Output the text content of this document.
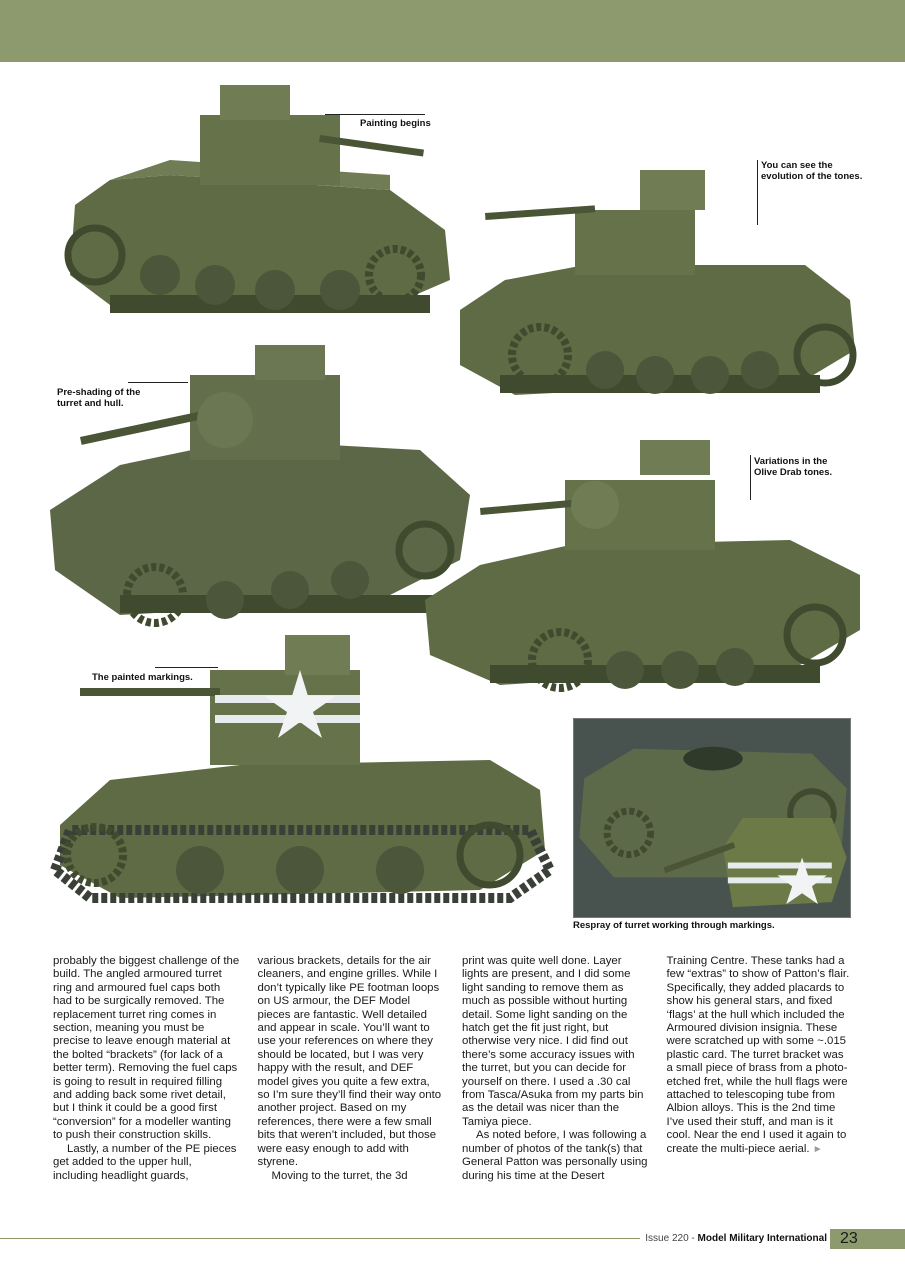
Painting begins
You can see the
evolution of the tones.
Pre-shading of the
turret and hull.
Variations in the
Olive Drab tones.
The painted markings.
Respray of turret working through markings.

probably the biggest challenge of the build. The angled armoured turret ring and armoured fuel caps both had to be surgically removed. The replacement turret ring comes in section, meaning you must be precise to leave enough material at the bolted “brackets” (for lack of a better term). Removing the fuel caps is going to result in required filling and adding back some rivet detail, but I think it could be a good first “conversion” for a modeller wanting to push their construction skills.

Lastly, a number of the PE pieces get added to the upper hull, including headlight guards,

various brackets, details for the air cleaners, and engine grilles. While I don’t typically like PE footman loops on US armour, the DEF Model pieces are fantastic. Well detailed and appear in scale. You’ll want to use your references on where they should be located, but I was very happy with the result, and DEF model gives you quite a few extra, so I’m sure they’ll find their way onto another project. Based on my references, there were a few small bits that weren’t included, but those were easy enough to add with styrene.

Moving to the turret, the 3d

print was quite well done. Layer lights are present, and I did some light sanding to remove them as much as possible without hurting detail. Some light sanding on the hatch get the fit just right, but otherwise very nice. I did find out there’s some accuracy issues with the turret, but you can decide for yourself on there. I used a .30 cal from Tasca/Asuka from my parts bin as the detail was nicer than the Tamiya piece.

As noted before, I was following a number of photos of the tank(s) that General Patton was personally using during his time at the Desert

Training Centre. These tanks had a few “extras” to show of Patton’s flair. Specifically, they added placards to show his general stars, and fixed ‘flags’ at the hull which included the Armoured division insignia. These were scratched up with some ~.015 plastic card. The turret bracket was a small piece of brass from a photo-etched fret, while the hull flags were attached to telescoping tube from Albion alloys. This is the 2nd time I’ve used their stuff, and man is it cool. Near the end I used it again to create the multi-piece aerial. ►

Issue 220 - Model Military International 23
